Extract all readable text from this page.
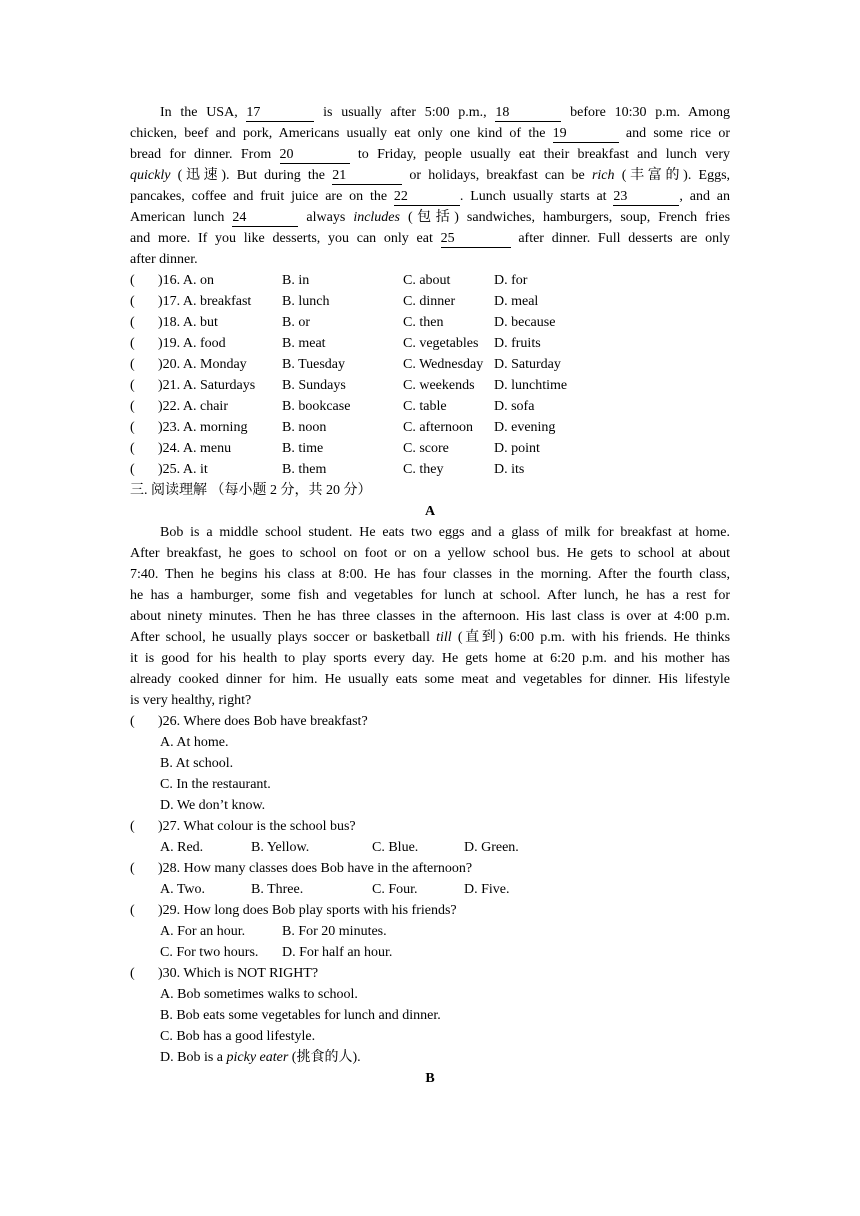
In the USA, 17	is usually after 5:00 p.m., 18	before 10:30 p.m. Among
chicken, beef and pork, Americans usually eat only one kind of the 19	and some rice or
bread for dinner. From 20	to Friday, people usually eat their breakfast and lunch very
quickly (迅速). But during the 21	or holidays, breakfast can be rich (丰富的). Eggs,
pancakes, coffee and fruit juice are on the 22	. Lunch usually starts at 23	, and an
American lunch 24	always includes (包括) sandwiches, hamburgers, soup, French fries
and more. If you like desserts, you can only eat 25	after dinner. Full desserts are only
after dinner.
( )16. A. on	B. in	C. about	D. for
( )17. A. breakfast	B. lunch	C. dinner	D. meal
( )18. A. but	B. or	C. then	D. because
( )19. A. food	B. meat	C. vegetables	D. fruits
( )20. A. Monday	B. Tuesday	C. Wednesday D. Saturday
( )21. A. Saturdays	B. Sundays	C. weekends	D. lunchtime
( )22. A. chair	B. bookcase	C. table	D. sofa
( )23. A. morning	B. noon	C. afternoon	D. evening
( )24. A. menu	B. time	C. score	D. point
( )25. A. it	B. them	C. they	D. its
三. 阅读理解 （每小题 2 分，共 20 分）
A
Bob is a middle school student. He eats two eggs and a glass of milk for breakfast at home.
After breakfast, he goes to school on foot or on a yellow school bus. He gets to school at about
7:40. Then he begins his class at 8:00. He has four classes in the morning. After the fourth class,
he has a hamburger, some fish and vegetables for lunch at school. After lunch, he has a rest for
about ninety minutes. Then he has three classes in the afternoon. His last class is over at 4:00 p.m.
After school, he usually plays soccer or basketball till (直到) 6:00 p.m. with his friends. He thinks
it is good for his health to play sports every day. He gets home at 6:20 p.m. and his mother has
already cooked dinner for him. He usually eats some meat and vegetables for dinner. His lifestyle
is very healthy, right?
( )26. Where does Bob have breakfast?
A. At home.
B. At school.
C. In the restaurant.
D. We don’t know.
( )27. What colour is the school bus?
A. Red.	B. Yellow.	C. Blue.	D. Green.
( )28. How many classes does Bob have in the afternoon?
A. Two.	B. Three.	C. Four.	D. Five.
( )29. How long does Bob play sports with his friends?
A. For an hour.	B. For 20 minutes.
C. For two hours.	D. For half an hour.
( )30. Which is NOT RIGHT?
A. Bob sometimes walks to school.
B. Bob eats some vegetables for lunch and dinner.
C. Bob has a good lifestyle.
D. Bob is a picky eater (挑食的人).
B
